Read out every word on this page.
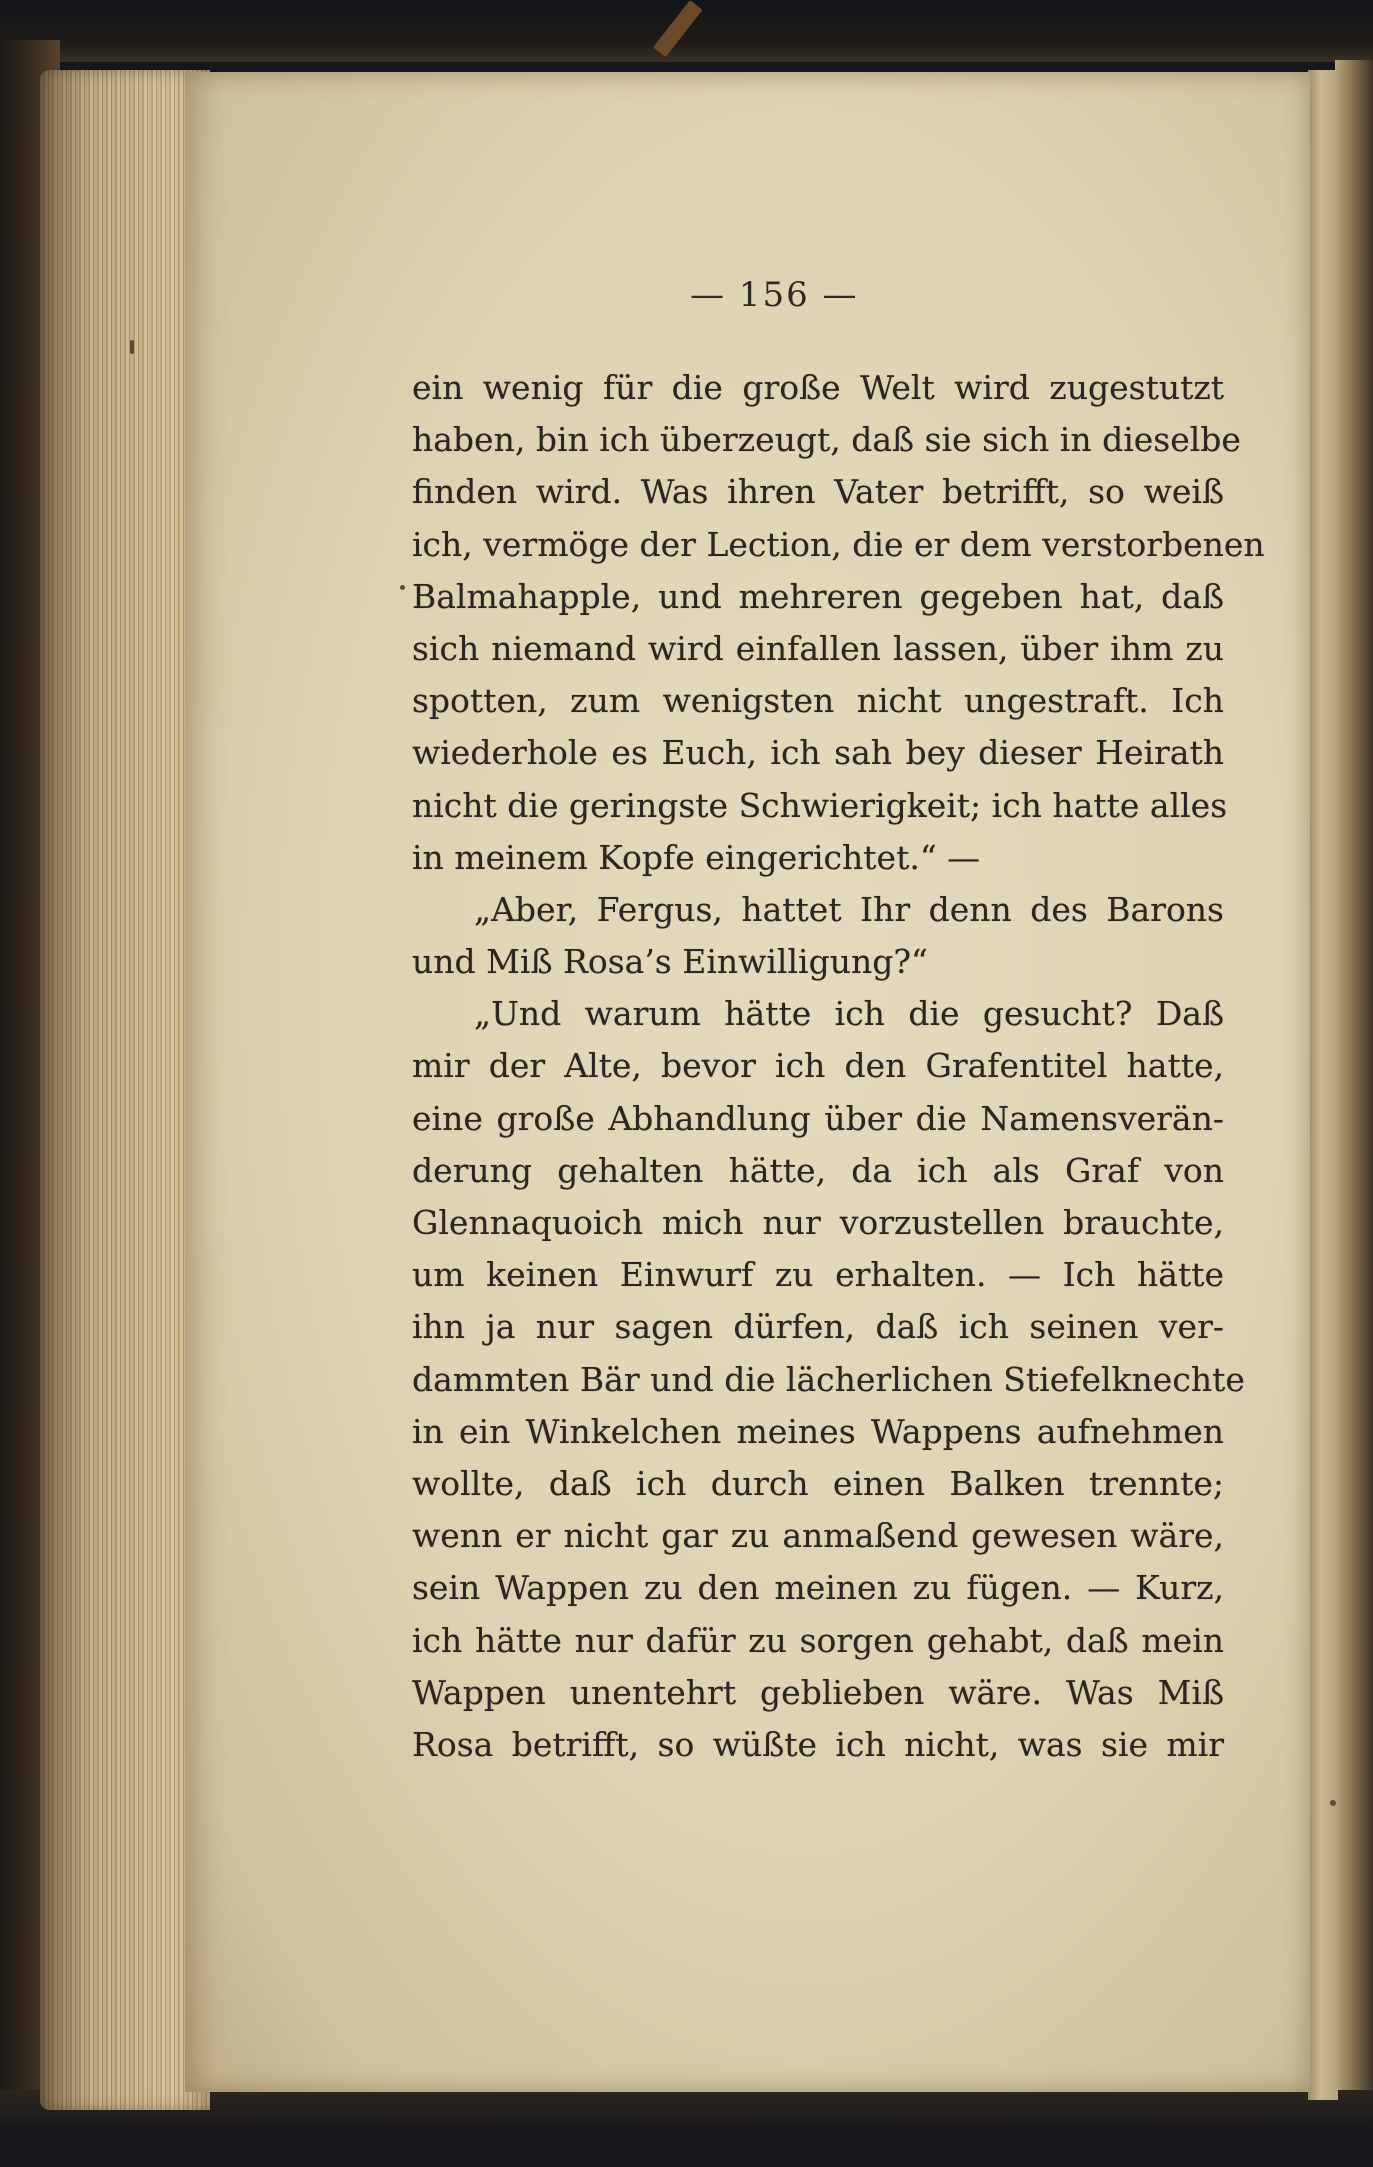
— 156 —
ein wenig für die große Welt wird zugestutzt
haben, bin ich überzeugt, daß sie sich in dieselbe
finden wird. Was ihren Vater betrifft, so weiß
ich, vermöge der Lection, die er dem verstorbenen
Balmahapple, und mehreren gegeben hat, daß
sich niemand wird einfallen lassen, über ihm zu
spotten, zum wenigsten nicht ungestraft. Ich
wiederhole es Euch, ich sah bey dieser Heirath
nicht die geringste Schwierigkeit; ich hatte alles
in meinem Kopfe eingerichtet.“ —
„Aber, Fergus, hattet Ihr denn des Barons
und Miß Rosa’s Einwilligung?“
„Und warum hätte ich die gesucht? Daß
mir der Alte, bevor ich den Grafentitel hatte,
eine große Abhandlung über die Namensverän-
derung gehalten hätte, da ich als Graf von
Glennaquoich mich nur vorzustellen brauchte,
um keinen Einwurf zu erhalten. — Ich hätte
ihn ja nur sagen dürfen, daß ich seinen ver-
dammten Bär und die lächerlichen Stiefelknechte
in ein Winkelchen meines Wappens aufnehmen
wollte, daß ich durch einen Balken trennte;
wenn er nicht gar zu anmaßend gewesen wäre,
sein Wappen zu den meinen zu fügen. — Kurz,
ich hätte nur dafür zu sorgen gehabt, daß mein
Wappen unentehrt geblieben wäre. Was Miß
Rosa betrifft, so wüßte ich nicht, was sie mir
